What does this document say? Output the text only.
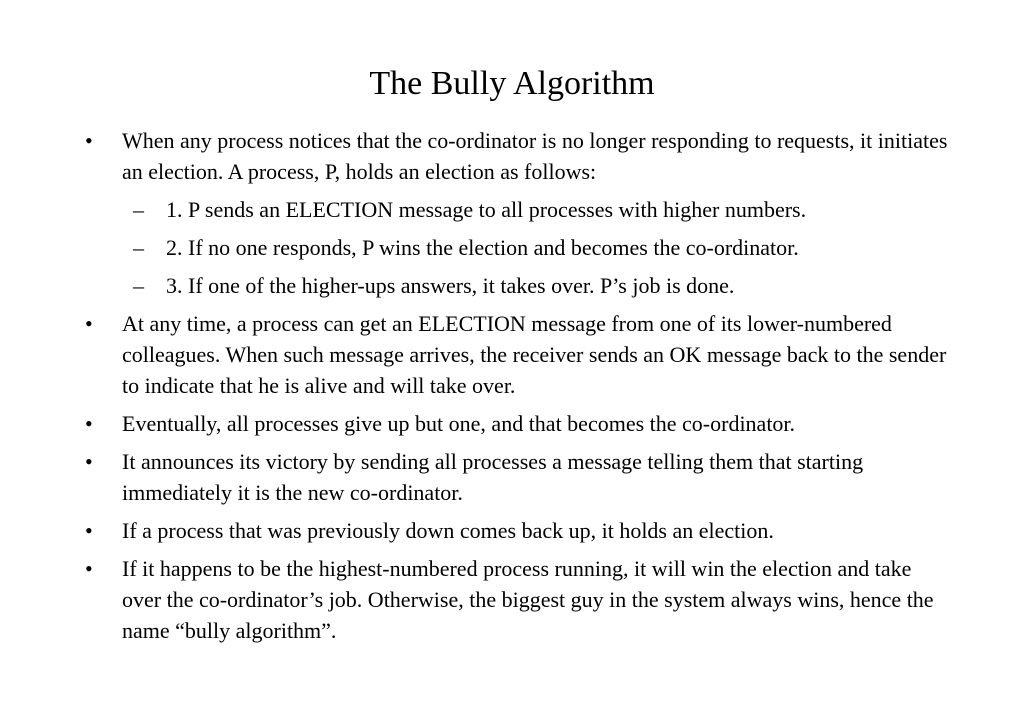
The Bully Algorithm
•	When any process notices that the co-ordinator is no longer responding to requests, it initiates an election. A process, P, holds an election as follows:
–	1. P sends an ELECTION message to all processes with higher numbers.
–	2. If no one responds, P wins the election and becomes the co-ordinator.
–	3. If one of the higher-ups answers, it takes over. P’s job is done.
•	At any time, a process can get an ELECTION message from one of its lower-numbered colleagues. When such message arrives, the receiver sends an OK message back to the sender to indicate that he is alive and will take over.
•	Eventually, all processes give up but one, and that becomes the co-ordinator.
•	It announces its victory by sending all processes a message telling them that starting immediately it is the new co-ordinator.
•	If a process that was previously down comes back up, it holds an election.
•	If it happens to be the highest-numbered process running, it will win the election and take over the co-ordinator’s job. Otherwise, the biggest guy in the system always wins, hence the name “bully algorithm”.
